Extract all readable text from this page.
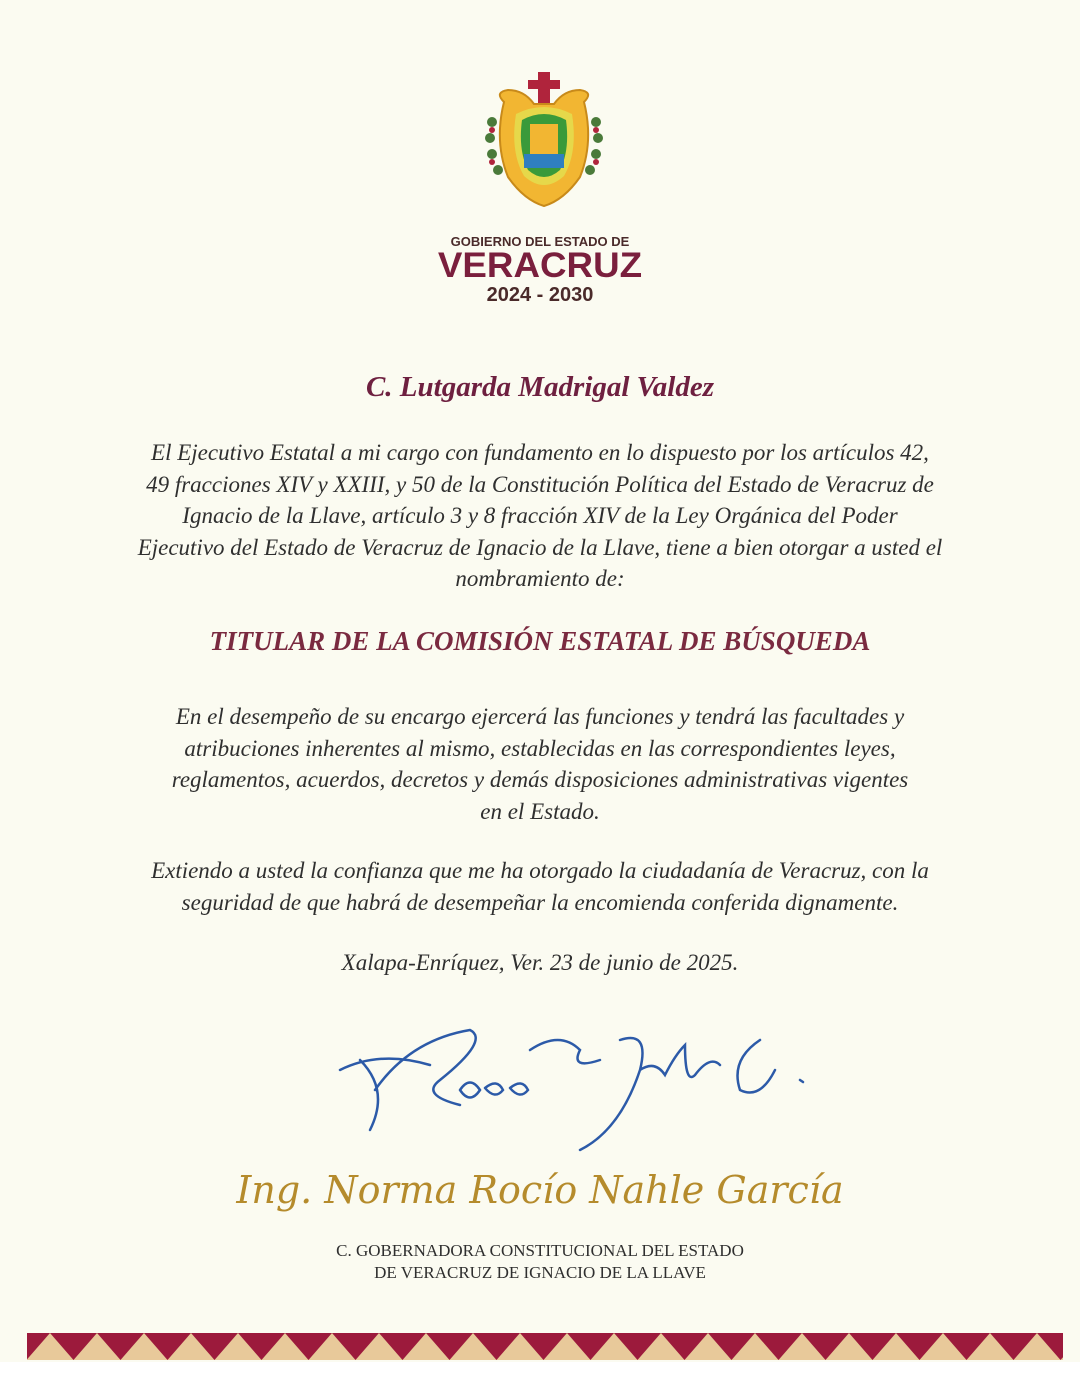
GOBIERNO DEL ESTADO DE
VERACRUZ
2024 - 2030
C. Lutgarda Madrigal Valdez
El Ejecutivo Estatal a mi cargo con fundamento en lo dispuesto por los artículos 42,
49 fracciones XIV y XXIII, y 50 de la Constitución Política del Estado de Veracruz de
Ignacio de la Llave, artículo 3 y 8 fracción XIV de la Ley Orgánica del Poder
Ejecutivo del Estado de Veracruz de Ignacio de la Llave, tiene a bien otorgar a usted el
nombramiento de:
TITULAR DE LA COMISIÓN ESTATAL DE BÚSQUEDA
En el desempeño de su encargo ejercerá las funciones y tendrá las facultades y
atribuciones inherentes al mismo, establecidas en las correspondientes leyes,
reglamentos, acuerdos, decretos y demás disposiciones administrativas vigentes
en el Estado.
Extiendo a usted la confianza que me ha otorgado la ciudadanía de Veracruz, con la
seguridad de que habrá de desempeñar la encomienda conferida dignamente.
Xalapa-Enríquez, Ver. 23 de junio de 2025.
Ing. Norma Rocío Nahle García
C. GOBERNADORA CONSTITUCIONAL DEL ESTADO
DE VERACRUZ DE IGNACIO DE LA LLAVE
